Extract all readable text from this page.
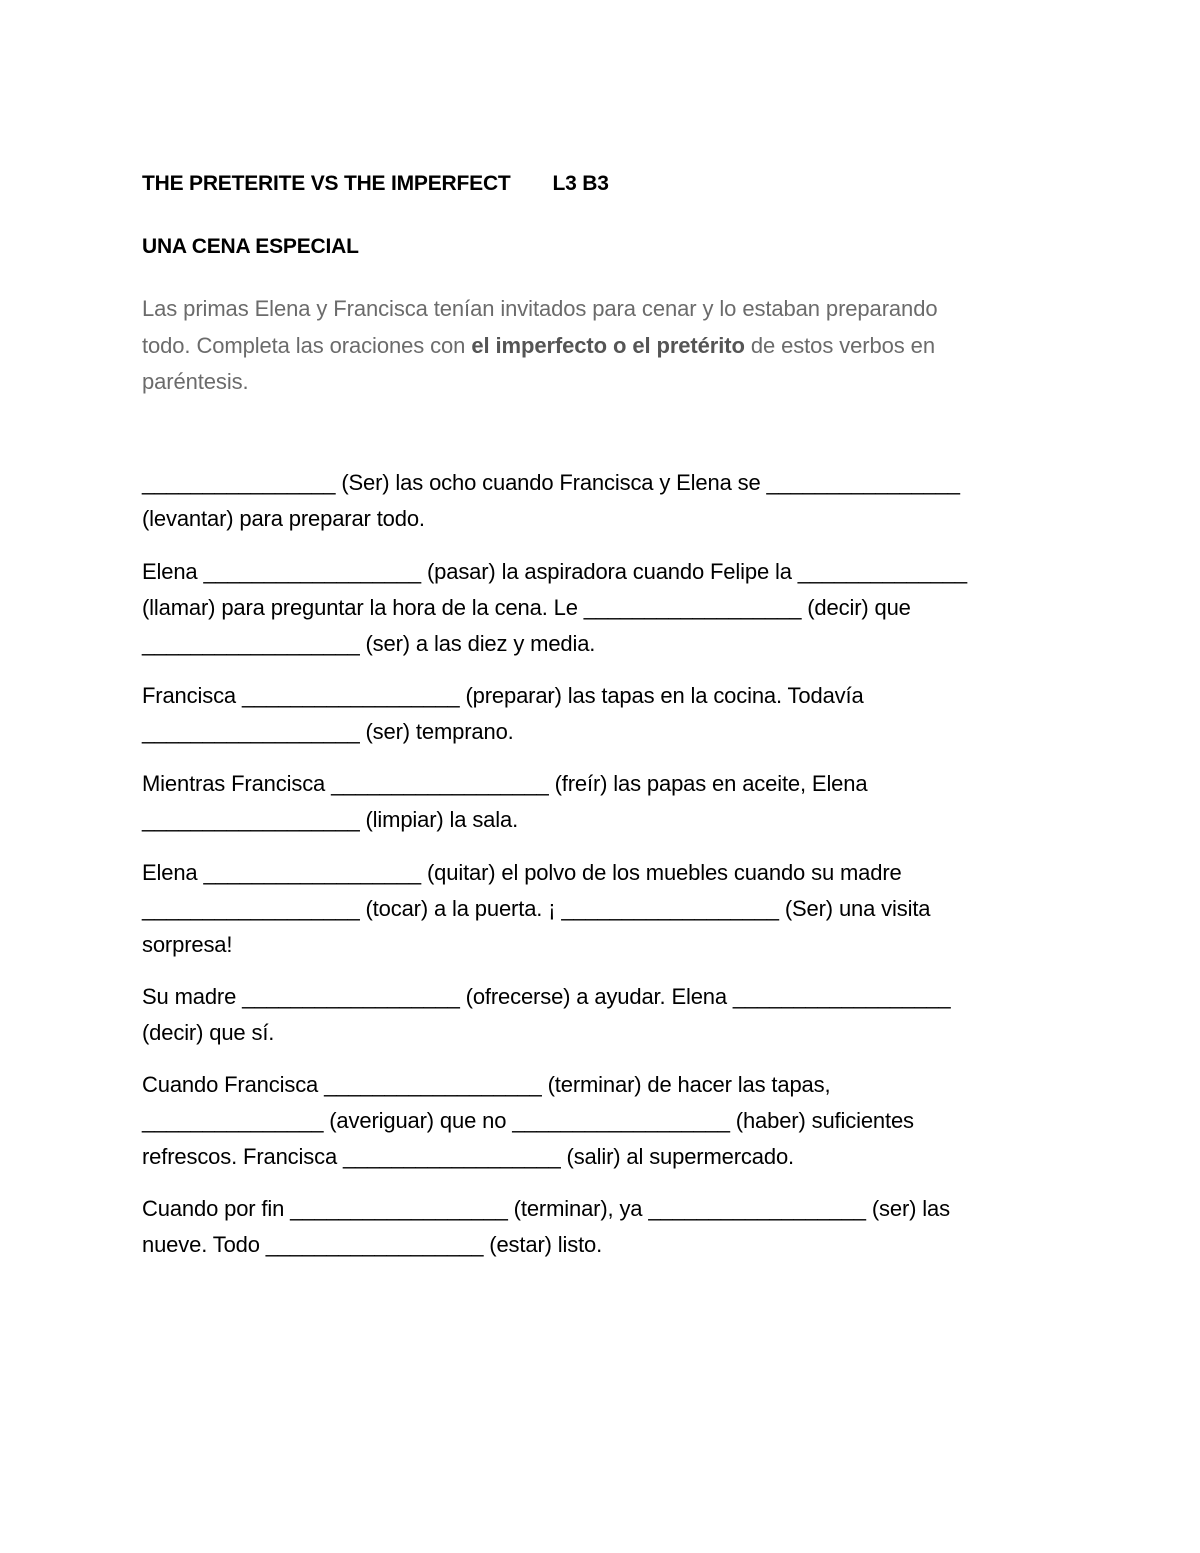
THE PRETERITE VS THE IMPERFECT L3 B3
UNA CENA ESPECIAL
Las primas Elena y Francisca tenían invitados para cenar y lo estaban preparando
todo. Completa las oraciones con el imperfecto o el pretérito de estos verbos en
paréntesis.
________________ (Ser) las ocho cuando Francisca y Elena se ________________
(levantar) para preparar todo.
Elena __________________ (pasar) la aspiradora cuando Felipe la ______________
(llamar) para preguntar la hora de la cena. Le __________________ (decir) que
__________________ (ser) a las diez y media.
Francisca __________________ (preparar) las tapas en la cocina. Todavía
__________________ (ser) temprano.
Mientras Francisca __________________ (freír) las papas en aceite, Elena
__________________ (limpiar) la sala.
Elena __________________ (quitar) el polvo de los muebles cuando su madre
__________________ (tocar) a la puerta. ¡ __________________ (Ser) una visita
sorpresa!
Su madre __________________ (ofrecerse) a ayudar. Elena __________________
(decir) que sí.
Cuando Francisca __________________ (terminar) de hacer las tapas,
_______________ (averiguar) que no __________________ (haber) suficientes
refrescos. Francisca __________________ (salir) al supermercado.
Cuando por fin __________________ (terminar), ya __________________ (ser) las
nueve. Todo __________________ (estar) listo.
